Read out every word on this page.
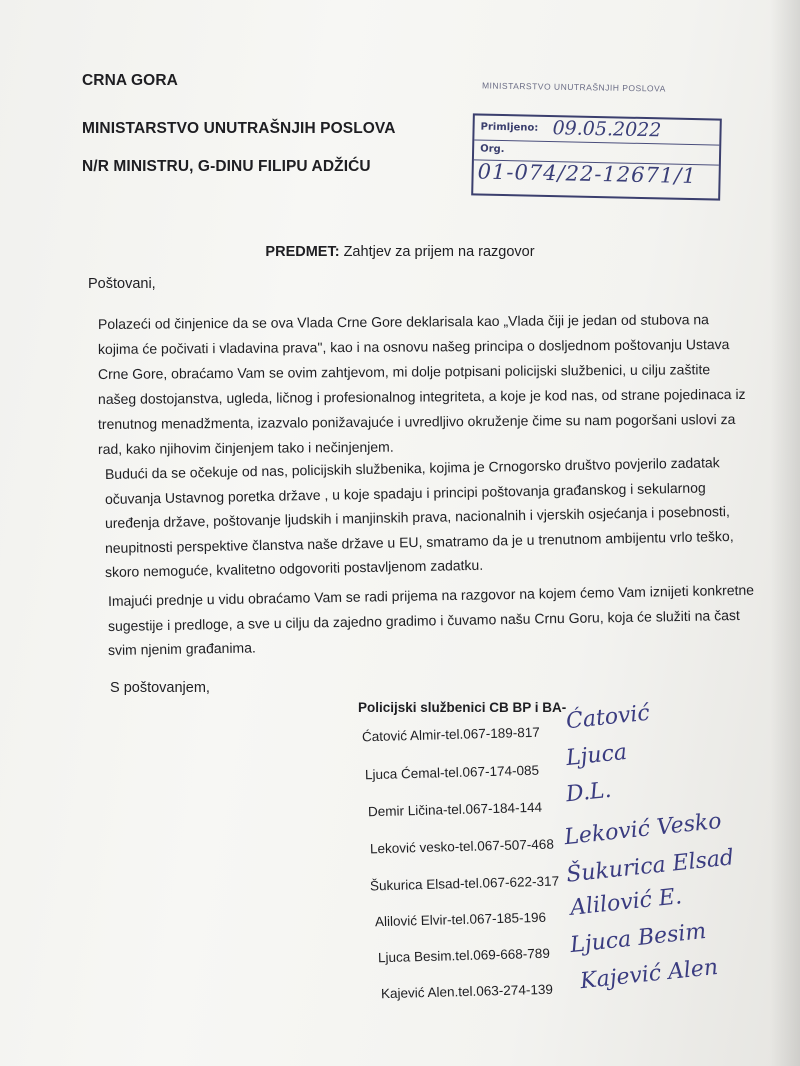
CRNA GORA
MINISTARSTVO UNUTRAŠNJIH POSLOVA
N/R MINISTRU, G-DINU FILIPU ADŽIĆU
MINISTARSTVO UNUTRAŠNJIH POSLOVA
Primljeno: 09.05.2022
Org.
01-074/22-12671/1
PREDMET: Zahtjev za prijem na razgovor
Poštovani,
Polazeći od činjenice da se ova Vlada Crne Gore deklarisala kao „Vlada čiji je jedan od stubova na
kojima će počivati i vladavina prava", kao i na osnovu našeg principa o dosljednom poštovanju Ustava
Crne Gore, obraćamo Vam se ovim zahtjevom, mi dolje potpisani policijski službenici, u cilju zaštite
našeg dostojanstva, ugleda, ličnog i profesionalnog integriteta, a koje je kod nas, od strane pojedinaca iz
trenutnog menadžmenta, izazvalo ponižavajuće i uvredljivo okruženje čime su nam pogoršani uslovi za
rad, kako njihovim činjenjem tako i nečinjenjem.
Budući da se očekuje od nas, policijskih službenika, kojima je Crnogorsko društvo povjerilo zadatak
očuvanja Ustavnog poretka države , u koje spadaju i principi poštovanja građanskog i sekularnog
uređenja države, poštovanje ljudskih i manjinskih prava, nacionalnih i vjerskih osjećanja i posebnosti,
neupitnosti perspektive članstva naše države u EU, smatramo da je u trenutnom ambijentu vrlo teško,
skoro nemoguće, kvalitetno odgovoriti postavljenom zadatku.
Imajući prednje u vidu obraćamo Vam se radi prijema na razgovor na kojem ćemo Vam iznijeti konkretne
sugestije i predloge, a sve u cilju da zajedno gradimo i čuvamo našu Crnu Goru, koja će služiti na čast
svim njenim građanima.
S poštovanjem,
Policijski službenici CB BP i BA-
Ćatović Almir-tel.067-189-817
Ćatović
Ljuca Ćemal-tel.067-174-085
Ljuca
Demir Ličina-tel.067-184-144
D.L.
Leković vesko-tel.067-507-468 Leković Vesko
Šukurica Elsad-tel.067-622-317 Šukurica Elsad
Alilović Elvir-tel.067-185-196 Alilović E.
Ljuca Besim.tel.069-668-789 Ljuca Besim
Kajević Alen.tel.063-274-139 Kajević Alen
